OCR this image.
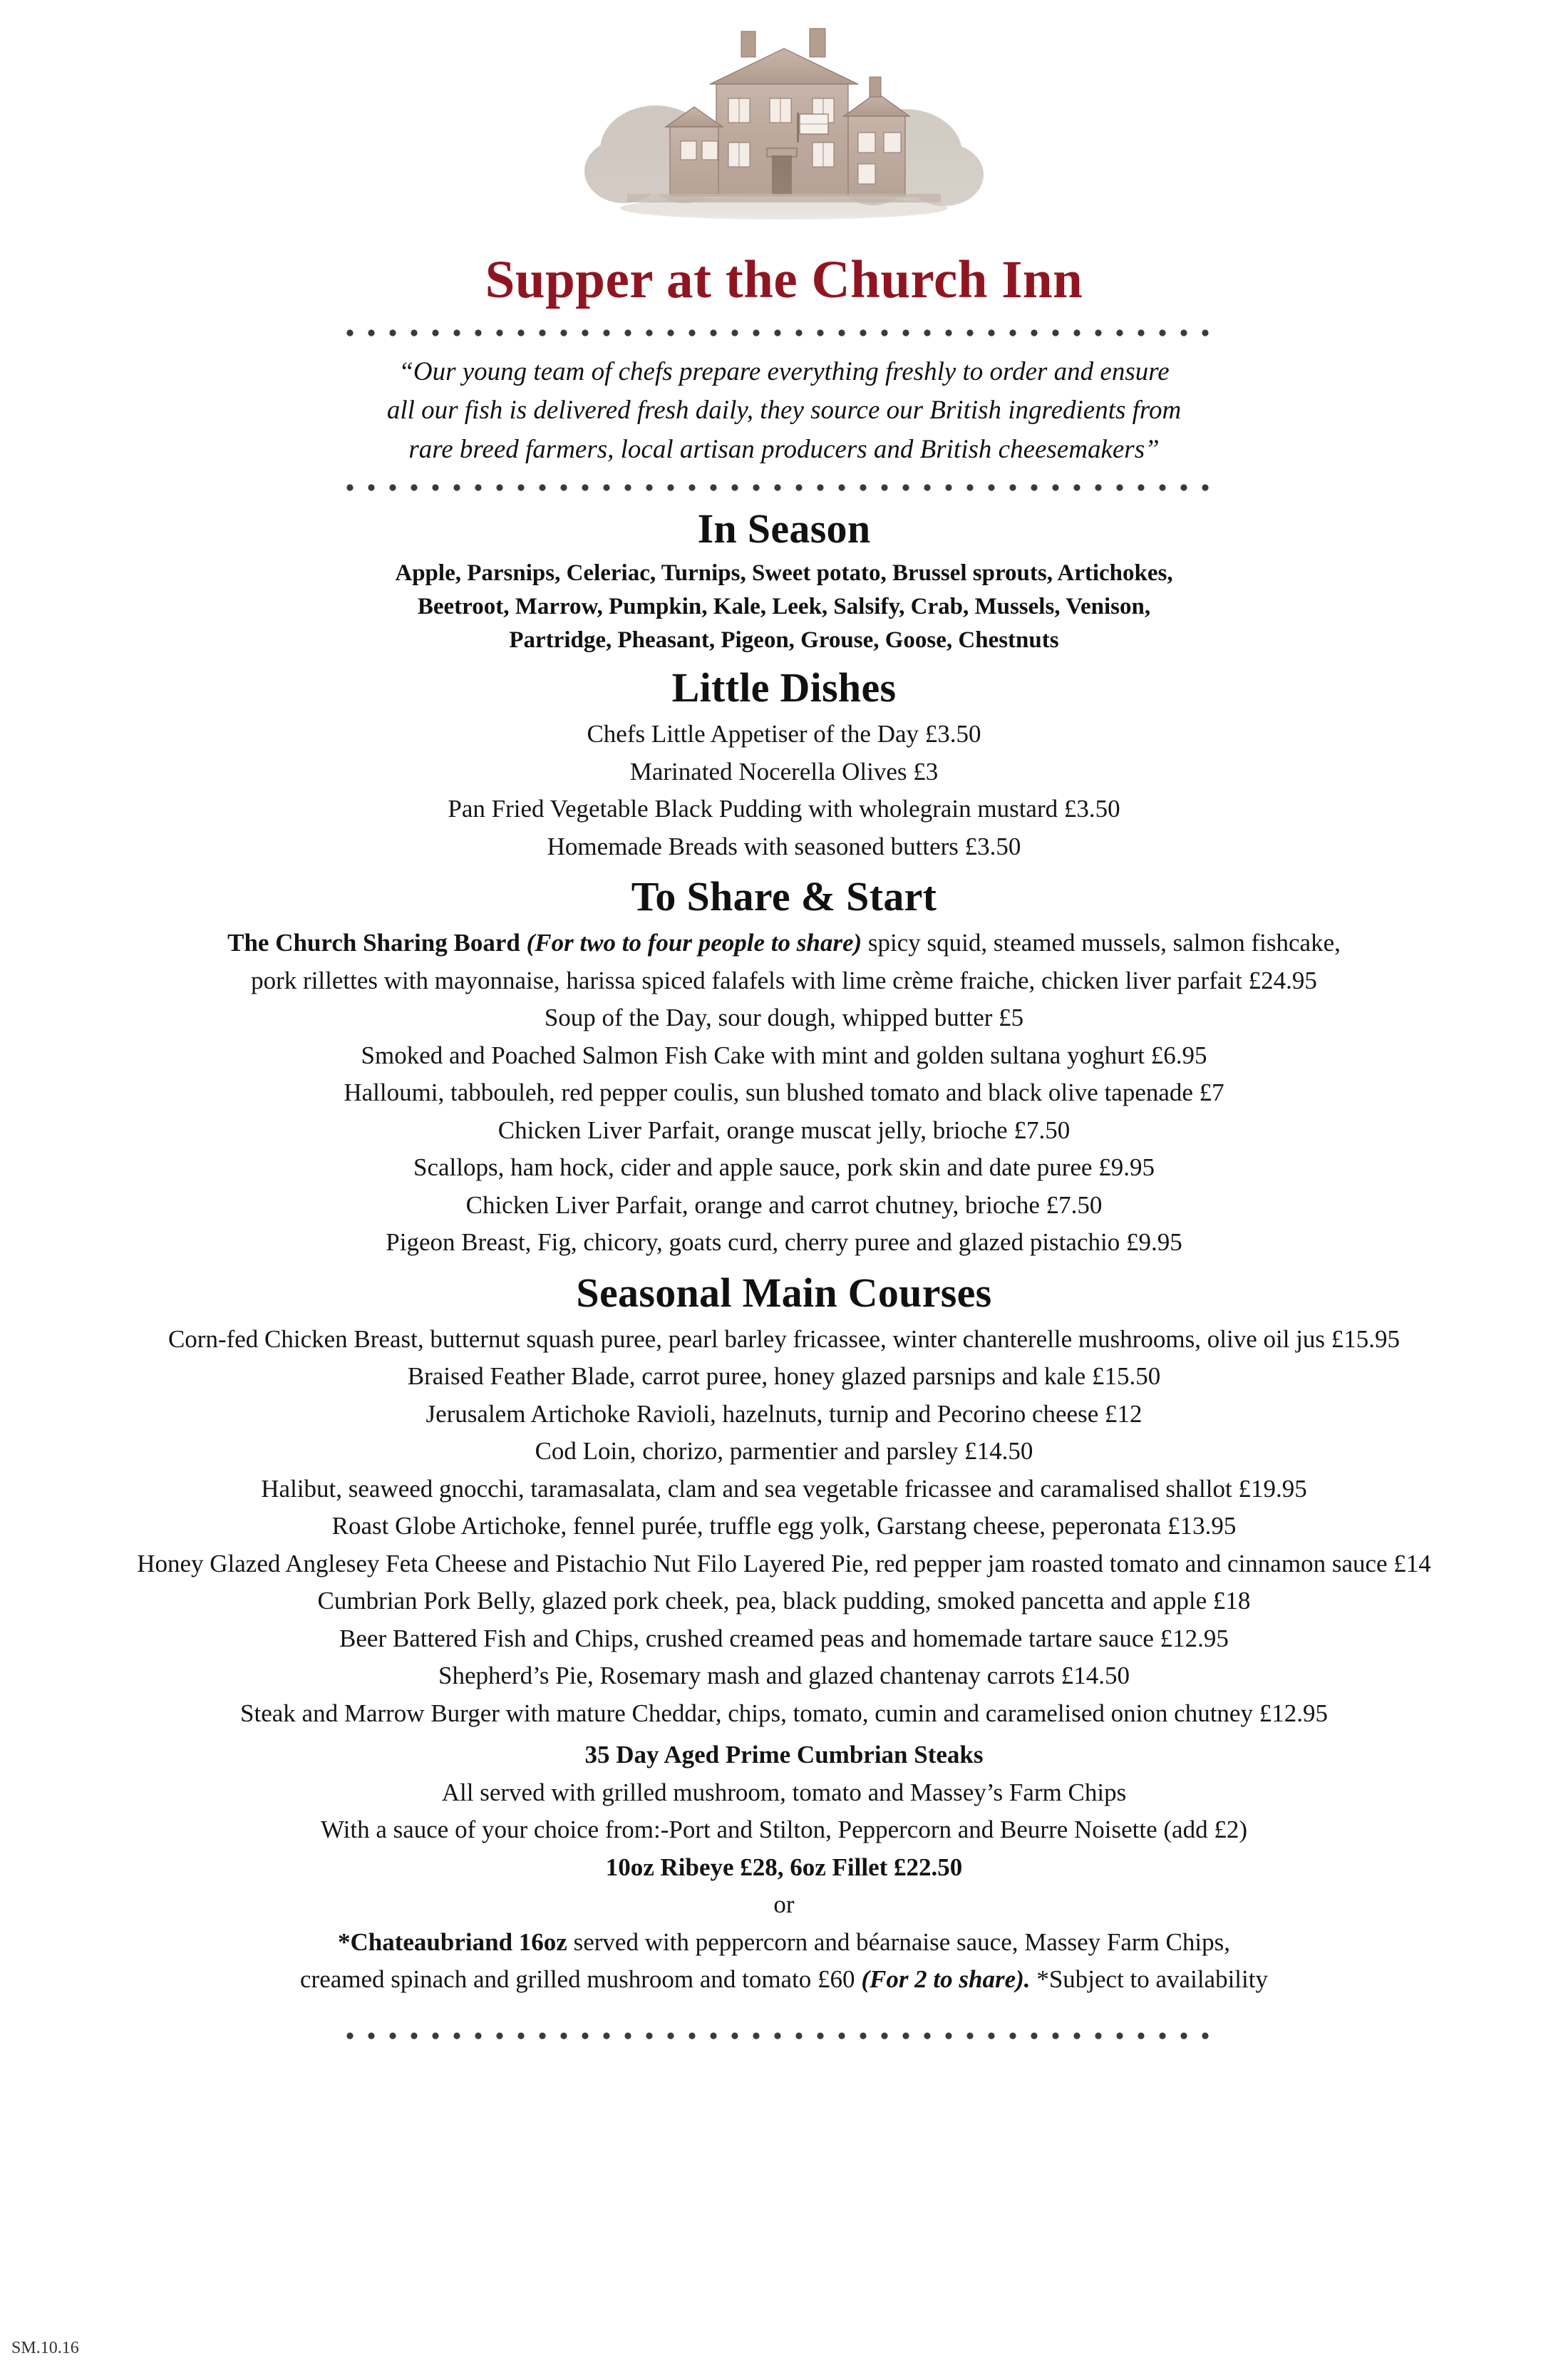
Supper at the Church Inn
“Our young team of chefs prepare everything freshly to order and ensure
all our fish is delivered fresh daily, they source our British ingredients from
rare breed farmers, local artisan producers and British cheesemakers”
In Season
Apple, Parsnips, Celeriac, Turnips, Sweet potato, Brussel sprouts, Artichokes,
Beetroot, Marrow, Pumpkin, Kale, Leek, Salsify, Crab, Mussels, Venison,
Partridge, Pheasant, Pigeon, Grouse, Goose, Chestnuts
Little Dishes
Chefs Little Appetiser of the Day £3.50
Marinated Nocerella Olives £3
Pan Fried Vegetable Black Pudding with wholegrain mustard £3.50
Homemade Breads with seasoned butters £3.50
To Share & Start
The Church Sharing Board (For two to four people to share) spicy squid, steamed mussels, salmon fishcake,
pork rillettes with mayonnaise, harissa spiced falafels with lime crème fraiche, chicken liver parfait £24.95
Soup of the Day, sour dough, whipped butter £5
Smoked and Poached Salmon Fish Cake with mint and golden sultana yoghurt £6.95
Halloumi, tabbouleh, red pepper coulis, sun blushed tomato and black olive tapenade £7
Chicken Liver Parfait, orange muscat jelly, brioche £7.50
Scallops, ham hock, cider and apple sauce, pork skin and date puree £9.95
Chicken Liver Parfait, orange and carrot chutney, brioche £7.50
Pigeon Breast, Fig, chicory, goats curd, cherry puree and glazed pistachio £9.95
Seasonal Main Courses
Corn-fed Chicken Breast, butternut squash puree, pearl barley fricassee, winter chanterelle mushrooms, olive oil jus £15.95
Braised Feather Blade, carrot puree, honey glazed parsnips and kale £15.50
Jerusalem Artichoke Ravioli, hazelnuts, turnip and Pecorino cheese £12
Cod Loin, chorizo, parmentier and parsley £14.50
Halibut, seaweed gnocchi, taramasalata, clam and sea vegetable fricassee and caramalised shallot £19.95
Roast Globe Artichoke, fennel purée, truffle egg yolk, Garstang cheese, peperonata £13.95
Honey Glazed Anglesey Feta Cheese and Pistachio Nut Filo Layered Pie, red pepper jam roasted tomato and cinnamon sauce £14
Cumbrian Pork Belly, glazed pork cheek, pea, black pudding, smoked pancetta and apple £18
Beer Battered Fish and Chips, crushed creamed peas and homemade tartare sauce £12.95
Shepherd’s Pie, Rosemary mash and glazed chantenay carrots £14.50
Steak and Marrow Burger with mature Cheddar, chips, tomato, cumin and caramelised onion chutney £12.95
35 Day Aged Prime Cumbrian Steaks
All served with grilled mushroom, tomato and Massey’s Farm Chips
With a sauce of your choice from:-Port and Stilton, Peppercorn and Beurre Noisette (add £2)
10oz Ribeye £28, 6oz Fillet £22.50
or
*Chateaubriand 16oz served with peppercorn and béarnaise sauce, Massey Farm Chips,
creamed spinach and grilled mushroom and tomato £60 (For 2 to share). *Subject to availability
SM.10.16
